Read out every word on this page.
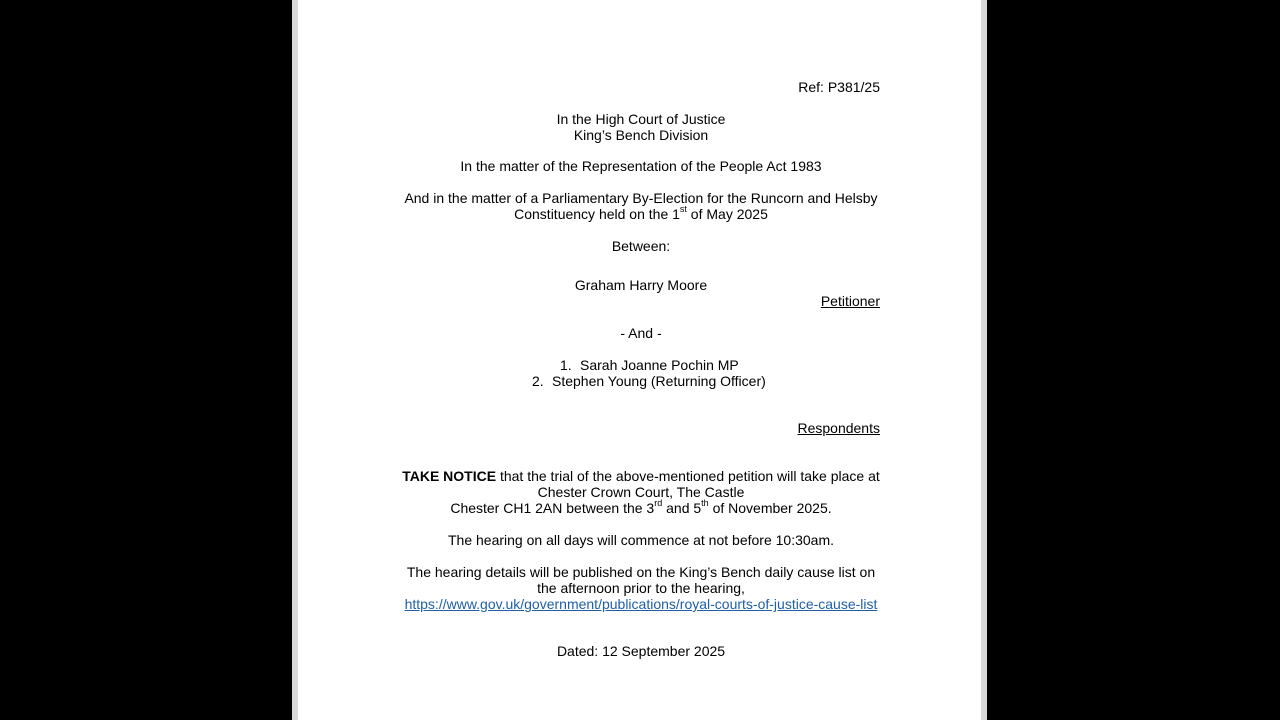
Ref: P381/25
In the High Court of Justice
King’s Bench Division
In the matter of the Representation of the People Act 1983
And in the matter of a Parliamentary By-Election for the Runcorn and Helsby
Constituency held on the 1st of May 2025
Between:
Graham Harry Moore
Petitioner
- And -
1. Sarah Joanne Pochin MP
2. Stephen Young (Returning Officer)
Respondents
TAKE NOTICE that the trial of the above-mentioned petition will take place at
Chester Crown Court, The Castle
Chester CH1 2AN between the 3rd and 5th of November 2025.
The hearing on all days will commence at not before 10:30am.
The hearing details will be published on the King’s Bench daily cause list on
the afternoon prior to the hearing,
https://www.gov.uk/government/publications/royal-courts-of-justice-cause-list
Dated: 12 September 2025
